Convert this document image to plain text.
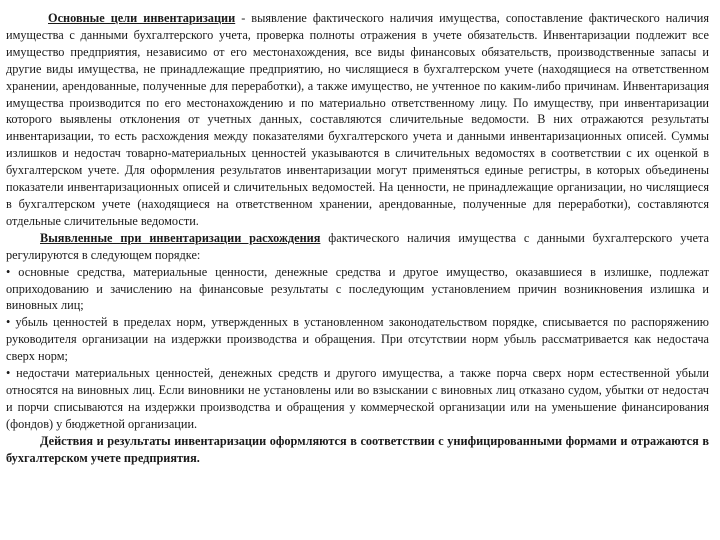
Основные цели инвентаризации - выявление фактического наличия имущества, сопоставление фактического наличия имущества с данными бухгалтерского учета, проверка полноты отражения в учете обязательств. Инвентаризации подлежит все имущество предприятия, независимо от его местонахождения, все виды финансовых обязательств, производственные запасы и другие виды имущества, не принадлежащие предприятию, но числящиеся в бухгалтерском учете (находящиеся на ответственном хранении, арендованные, полученные для переработки), а также имущество, не учтенное по каким-либо причинам. Инвентаризация имущества производится по его местонахождению и по материально ответственному лицу. По имуществу, при инвентаризации которого выявлены отклонения от учетных данных, составляются сличительные ведомости. В них отражаются результаты инвентаризации, то есть расхождения между показателями бухгалтерского учета и данными инвентаризационных описей. Суммы излишков и недостач товарно-материальных ценностей указываются в сличительных ведомостях в соответствии с их оценкой в бухгалтерском учете. Для оформления результатов инвентаризации могут применяться единые регистры, в которых объединены показатели инвентаризационных описей и сличительных ведомостей. На ценности, не принадлежащие организации, но числящиеся в бухгалтерском учете (находящиеся на ответственном хранении, арендованные, полученные для переработки), составляются отдельные сличительные ведомости.

Выявленные при инвентаризации расхождения фактического наличия имущества с данными бухгалтерского учета регулируются в следующем порядке:

• основные средства, материальные ценности, денежные средства и другое имущество, оказавшиеся в излишке, подлежат оприходованию и зачислению на финансовые результаты с последующим установлением причин возникновения излишка и виновных лиц;

• убыль ценностей в пределах норм, утвержденных в установленном законодательством порядке, списывается по распоряжению руководителя организации на издержки производства и обращения. При отсутствии норм убыль рассматривается как недостача сверх норм;

• недостачи материальных ценностей, денежных средств и другого имущества, а также порча сверх норм естественной убыли относятся на виновных лиц. Если виновники не установлены или во взыскании с виновных лиц отказано судом, убытки от недостач и порчи списываются на издержки производства и обращения у коммерческой организации или на уменьшение финансирования (фондов) у бюджетной организации.

Действия и результаты инвентаризации оформляются в соответствии с унифицированными формами и отражаются в бухгалтерском учете предприятия.
